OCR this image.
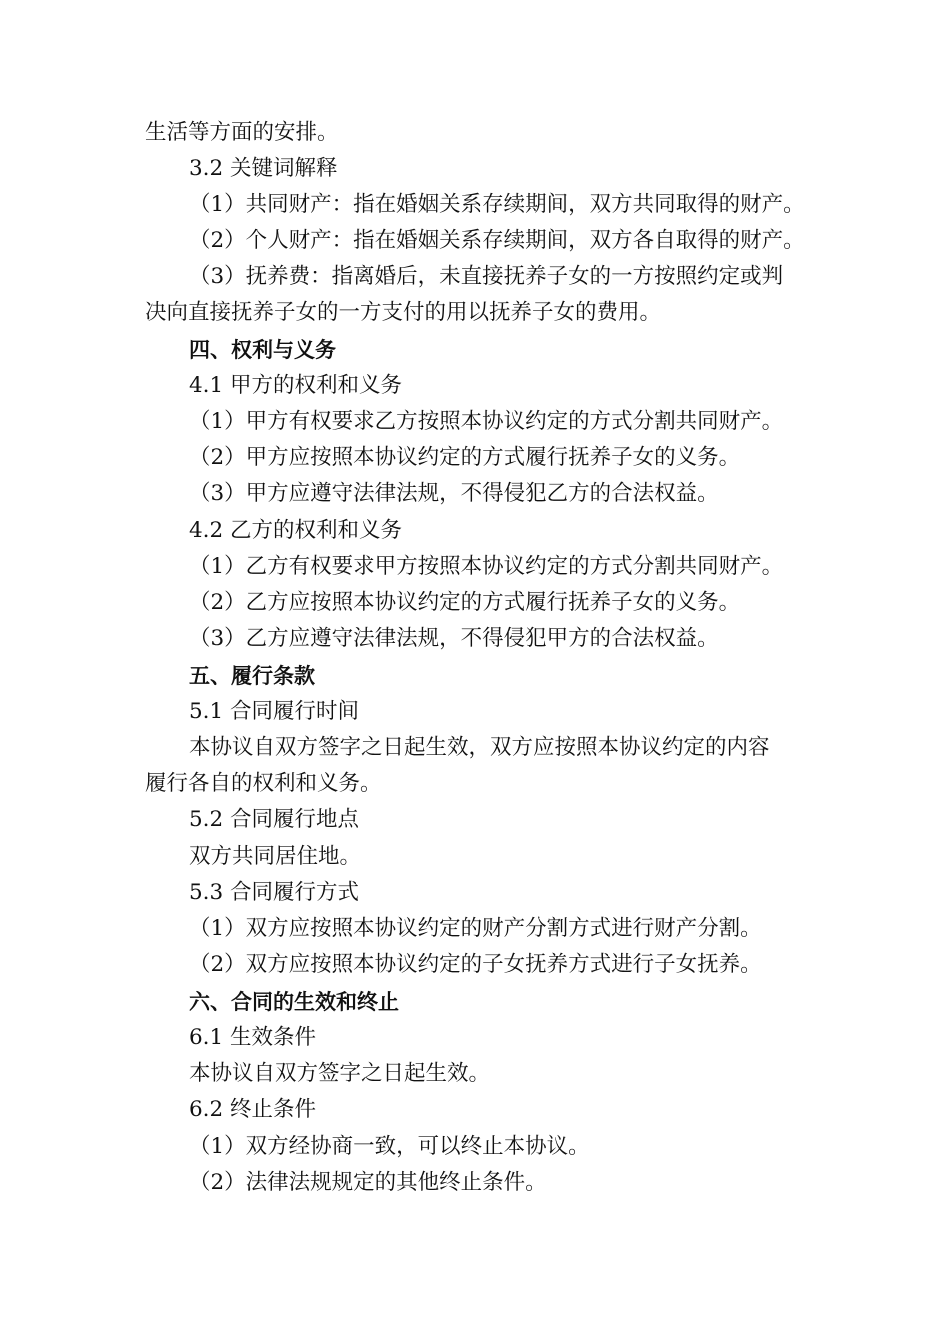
生活等方面的安排。
3.2 关键词解释
（1）共同财产：指在婚姻关系存续期间，双方共同取得的财产。
（2）个人财产：指在婚姻关系存续期间，双方各自取得的财产。
（3）抚养费：指离婚后，未直接抚养子女的一方按照约定或判
决向直接抚养子女的一方支付的用以抚养子女的费用。
四、权利与义务
4.1 甲方的权利和义务
（1）甲方有权要求乙方按照本协议约定的方式分割共同财产。
（2）甲方应按照本协议约定的方式履行抚养子女的义务。
（3）甲方应遵守法律法规，不得侵犯乙方的合法权益。
4.2 乙方的权利和义务
（1）乙方有权要求甲方按照本协议约定的方式分割共同财产。
（2）乙方应按照本协议约定的方式履行抚养子女的义务。
（3）乙方应遵守法律法规，不得侵犯甲方的合法权益。
五、履行条款
5.1 合同履行时间
本协议自双方签字之日起生效，双方应按照本协议约定的内容
履行各自的权利和义务。
5.2 合同履行地点
双方共同居住地。
5.3 合同履行方式
（1）双方应按照本协议约定的财产分割方式进行财产分割。
（2）双方应按照本协议约定的子女抚养方式进行子女抚养。
六、合同的生效和终止
6.1 生效条件
本协议自双方签字之日起生效。
6.2 终止条件
（1）双方经协商一致，可以终止本协议。
（2）法律法规规定的其他终止条件。
